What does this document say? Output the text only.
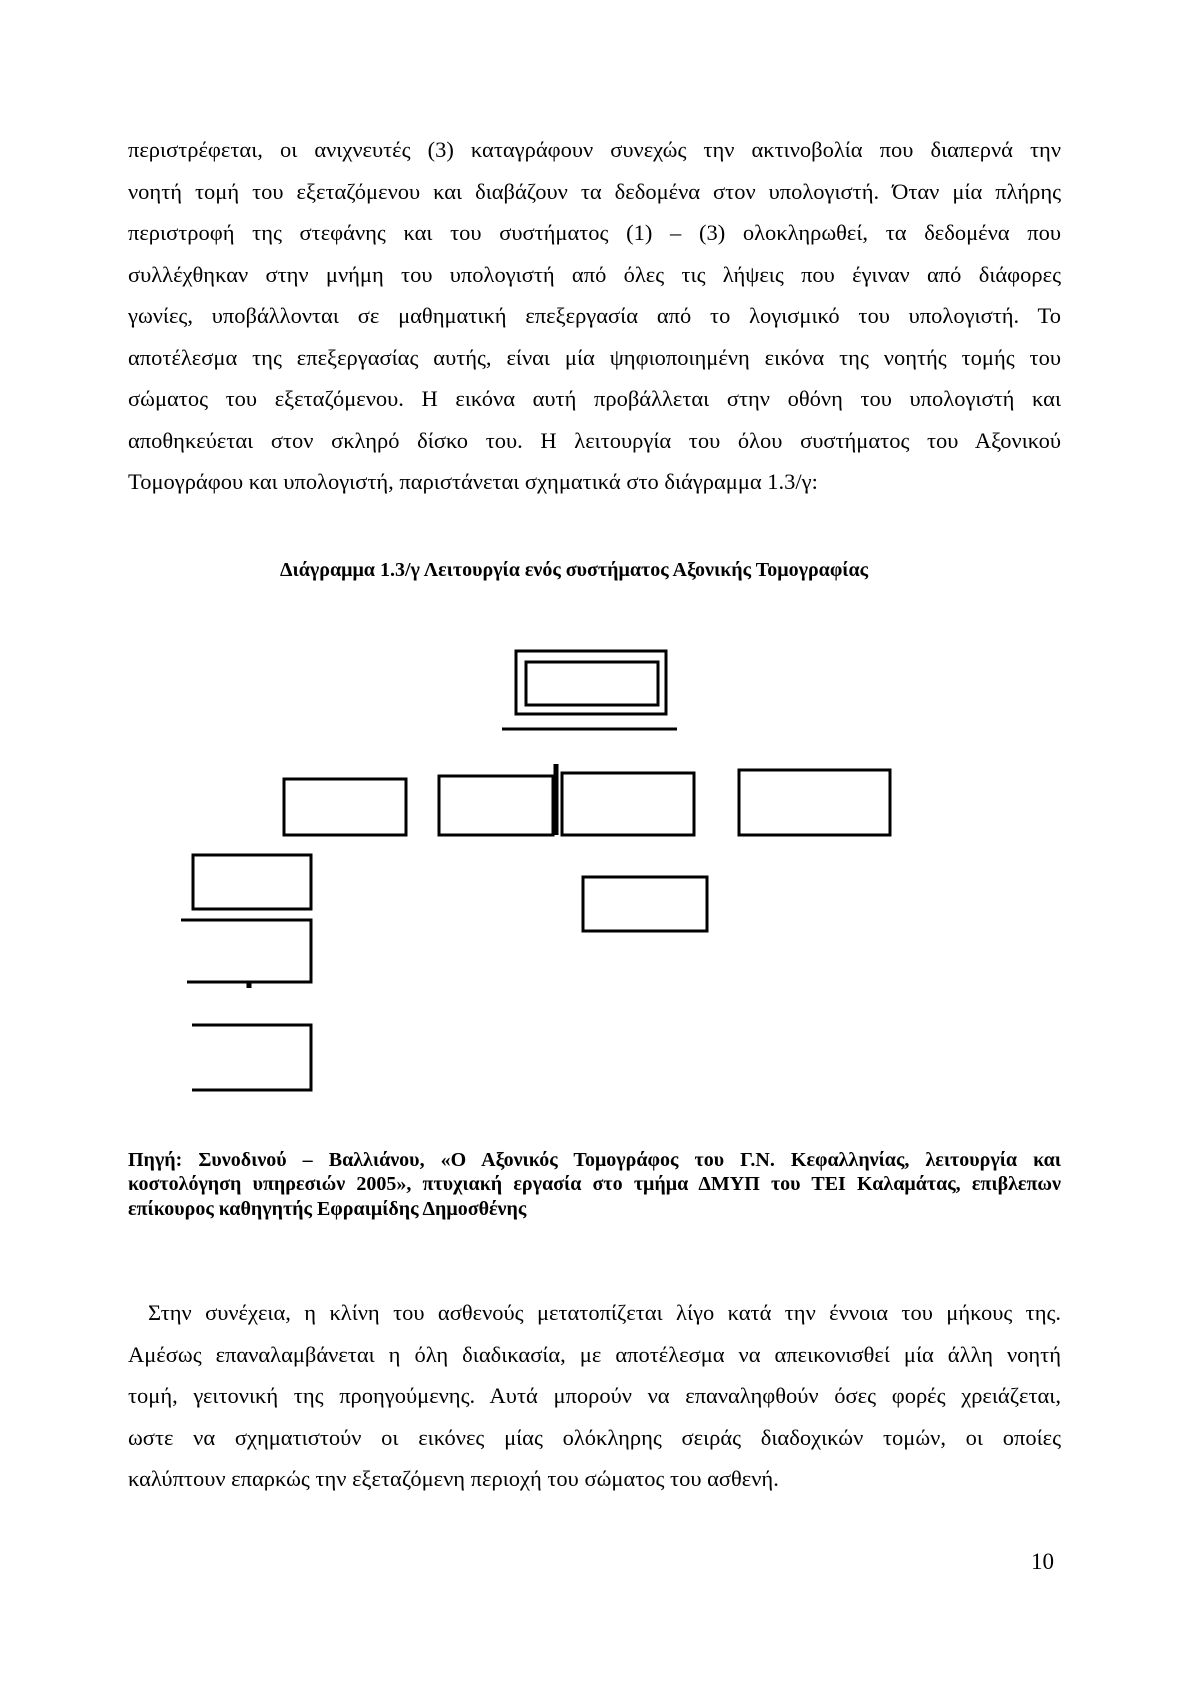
περιστρέφεται, οι ανιχνευτές (3) καταγράφουν συνεχώς την ακτινοβολία που διαπερνά την
νοητή τομή του εξεταζόμενου και διαβάζουν τα δεδομένα στον υπολογιστή. Όταν μία πλήρης
περιστροφή της στεφάνης και του συστήματος (1) – (3) ολοκληρωθεί, τα δεδομένα που
συλλέχθηκαν στην μνήμη του υπολογιστή από όλες τις λήψεις που έγιναν από διάφορες
γωνίες, υποβάλλονται σε μαθηματική επεξεργασία από το λογισμικό του υπολογιστή. Το
αποτέλεσμα της επεξεργασίας αυτής, είναι μία ψηφιοποιημένη εικόνα της νοητής τομής του
σώματος του εξεταζόμενου. Η εικόνα αυτή προβάλλεται στην οθόνη του υπολογιστή και
αποθηκεύεται στον σκληρό δίσκο του. Η λειτουργία του όλου συστήματος του Αξονικού
Τομογράφου και υπολογιστή, παριστάνεται σχηματικά στο διάγραμμα 1.3/γ:
Διάγραμμα 1.3/γ Λειτουργία ενός συστήματος Αξονικής Τομογραφίας
Πηγή: Συνοδινού – Βαλλιάνου, «Ο Αξονικός Τομογράφος του Γ.Ν. Κεφαλληνίας, λειτουργία και
κοστολόγηση υπηρεσιών 2005», πτυχιακή εργασία στο τμήμα ΔΜΥΠ του ΤΕΙ Καλαμάτας, επιβλεπων
επίκουρος καθηγητής Εφραιμίδης Δημοσθένης
Στην συνέχεια, η κλίνη του ασθενούς μετατοπίζεται λίγο κατά την έννοια του μήκους της.
Αμέσως επαναλαμβάνεται η όλη διαδικασία, με αποτέλεσμα να απεικονισθεί μία άλλη νοητή
τομή, γειτονική της προηγούμενης. Αυτά μπορούν να επαναληφθούν όσες φορές χρειάζεται,
ωστε να σχηματιστούν οι εικόνες μίας ολόκληρης σειράς διαδοχικών τομών, οι οποίες
καλύπτουν επαρκώς την εξεταζόμενη περιοχή του σώματος του ασθενή.
10
